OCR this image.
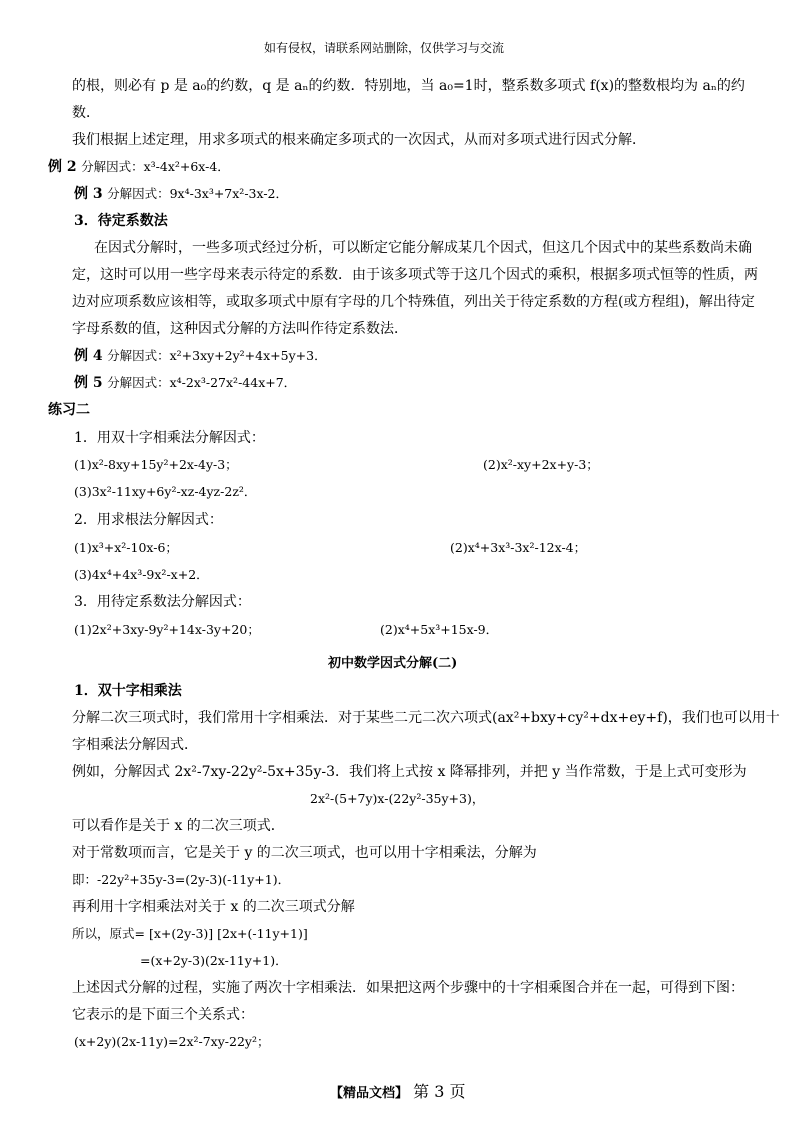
如有侵权，请联系网站删除，仅供学习与交流
的根，则必有 p 是 a₀的约数，q 是 aₙ的约数．特别地，当 a₀=1时，整系数多项式 f(x)的整数根均为 aₙ的约
数．
我们根据上述定理，用求多项式的根来确定多项式的一次因式，从而对多项式进行因式分解．
例 2 分解因式：x³-4x²+6x-4．
例 3 分解因式：9x⁴-3x³+7x²-3x-2．
3．待定系数法
在因式分解时，一些多项式经过分析，可以断定它能分解成某几个因式，但这几个因式中的某些系数尚未确
定，这时可以用一些字母来表示待定的系数．由于该多项式等于这几个因式的乘积，根据多项式恒等的性质，两
边对应项系数应该相等，或取多项式中原有字母的几个特殊值，列出关于待定系数的方程(或方程组)，解出待定
字母系数的值，这种因式分解的方法叫作待定系数法．
例 4 分解因式：x²+3xy+2y²+4x+5y+3．
例 5 分解因式：x⁴-2x³-27x²-44x+7．
练习二
1．用双十字相乘法分解因式：
(1)x²-8xy+15y²+2x-4y-3；	(2)x²-xy+2x+y-3；
(3)3x²-11xy+6y²-xz-4yz-2z²．
2．用求根法分解因式：
(1)x³+x²-10x-6；	(2)x⁴+3x³-3x²-12x-4；
(3)4x⁴+4x³-9x²-x+2．
3．用待定系数法分解因式：
(1)2x²+3xy-9y²+14x-3y+20；	(2)x⁴+5x³+15x-9．
初中数学因式分解(二)
1．双十字相乘法
分解二次三项式时，我们常用十字相乘法．对于某些二元二次六项式(ax²+bxy+cy²+dx+ey+f)，我们也可以用十
字相乘法分解因式．
例如，分解因式 2x²-7xy-22y²-5x+35y-3．我们将上式按 x 降幂排列，并把 y 当作常数，于是上式可变形为
2x²-(5+7y)x-(22y²-35y+3)，
可以看作是关于 x 的二次三项式．
对于常数项而言，它是关于 y 的二次三项式，也可以用十字相乘法，分解为
即：-22y²+35y-3=(2y-3)(-11y+1)．
再利用十字相乘法对关于 x 的二次三项式分解
所以，原式= [x+(2y-3)] [2x+(-11y+1)]
=(x+2y-3)(2x-11y+1)．
上述因式分解的过程，实施了两次十字相乘法．如果把这两个步骤中的十字相乘图合并在一起，可得到下图：
它表示的是下面三个关系式：
(x+2y)(2x-11y)=2x²-7xy-22y²；
【精品文档】 第 3 页
